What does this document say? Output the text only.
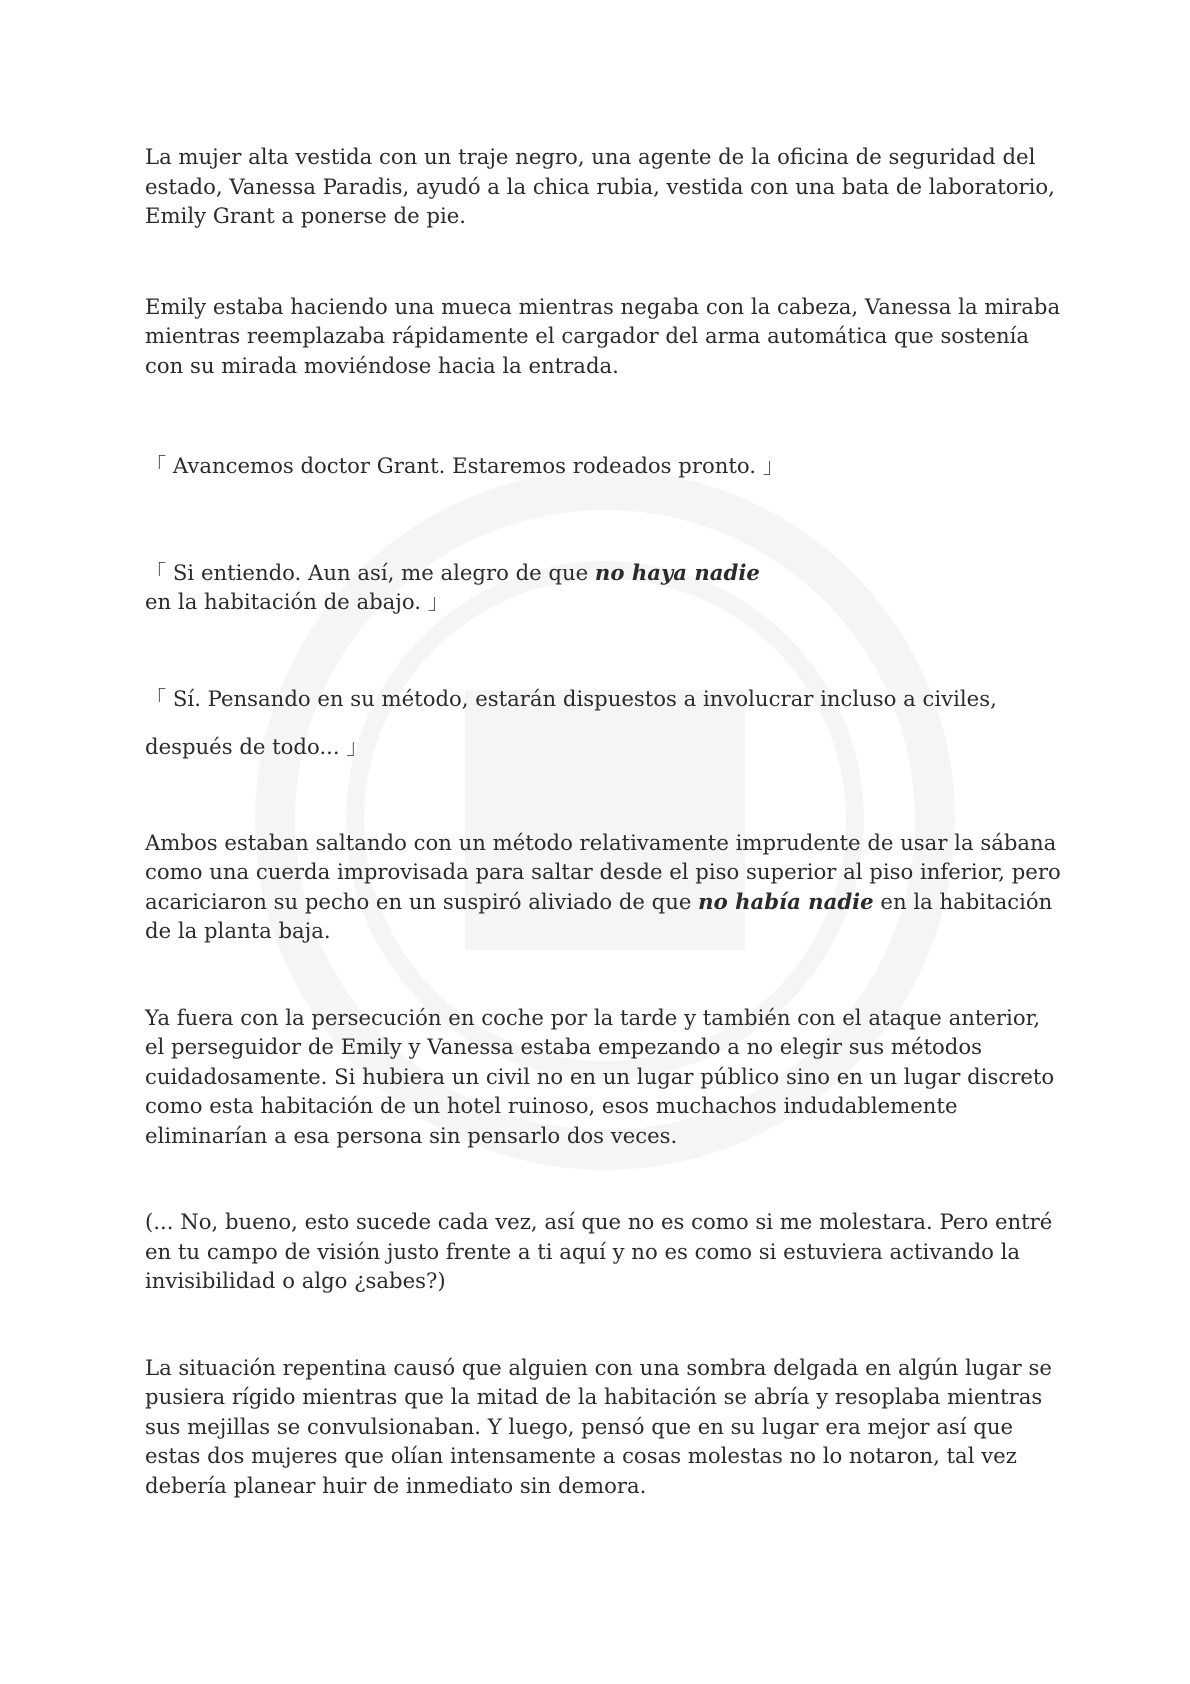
La mujer alta vestida con un traje negro, una agente de la oficina de seguridad del estado, Vanessa Paradis, ayudó a la chica rubia, vestida con una bata de laboratorio, Emily Grant a ponerse de pie.

Emily estaba haciendo una mueca mientras negaba con la cabeza, Vanessa la miraba mientras reemplazaba rápidamente el cargador del arma automática que sostenía con su mirada moviéndose hacia la entrada.

「 Avancemos doctor Grant. Estaremos rodeados pronto. 」

「 Si entiendo. Aun así, me alegro de que no haya nadie en la habitación de abajo. 」

「 Sí. Pensando en su método, estarán dispuestos a involucrar incluso a civiles, después de todo... 」

Ambos estaban saltando con un método relativamente imprudente de usar la sábana como una cuerda improvisada para saltar desde el piso superior al piso inferior, pero acariciaron su pecho en un suspiró aliviado de que no había nadie en la habitación de la planta baja.

Ya fuera con la persecución en coche por la tarde y también con el ataque anterior, el perseguidor de Emily y Vanessa estaba empezando a no elegir sus métodos cuidadosamente. Si hubiera un civil no en un lugar público sino en un lugar discreto como esta habitación de un hotel ruinoso, esos muchachos indudablemente eliminarían a esa persona sin pensarlo dos veces.

(... No, bueno, esto sucede cada vez, así que no es como si me molestara. Pero entré en tu campo de visión justo frente a ti aquí y no es como si estuviera activando la invisibilidad o algo ¿sabes?)

La situación repentina causó que alguien con una sombra delgada en algún lugar se pusiera rígido mientras que la mitad de la habitación se abría y resoplaba mientras sus mejillas se convulsionaban. Y luego, pensó que en su lugar era mejor así que estas dos mujeres que olían intensamente a cosas molestas no lo notaron, tal vez debería planear huir de inmediato sin demora.
